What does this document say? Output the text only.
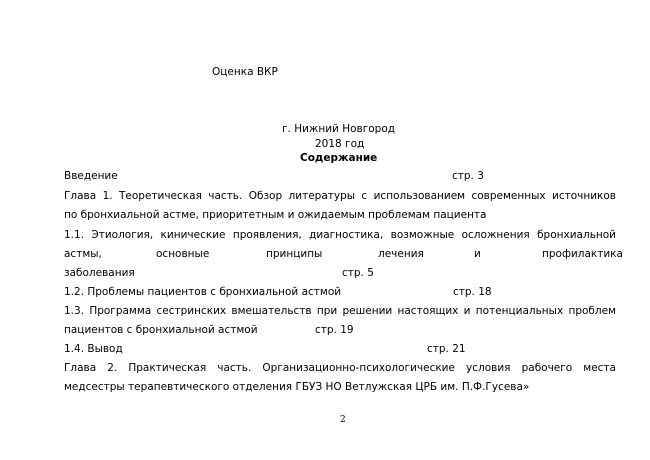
Оценка ВКР
г. Нижний Новгород
2018 год
Содержание
Введение	стр. 3
Глава 1. Теоретическая часть. Обзор литературы с использованием современных источников
по бронхиальной астме, приоритетным и ожидаемым проблемам пациента
1.1. Этиология, кинические проявления, диагностика, возможные осложнения бронхиальной
астмы,	основные	принципы	лечения	и	профилактика
заболевания	стр. 5
1.2. Проблемы пациентов с бронхиальной астмой	стр. 18
1.3. Программа сестринских вмешательств при решении настоящих и потенциальных проблем
пациентов с бронхиальной астмой	стр. 19
1.4. Вывод	стр. 21
Глава 2. Практическая часть. Организационно-психологические условия рабочего места
медсестры терапевтического отделения ГБУЗ НО Ветлужская ЦРБ им. П.Ф.Гусева»
2
